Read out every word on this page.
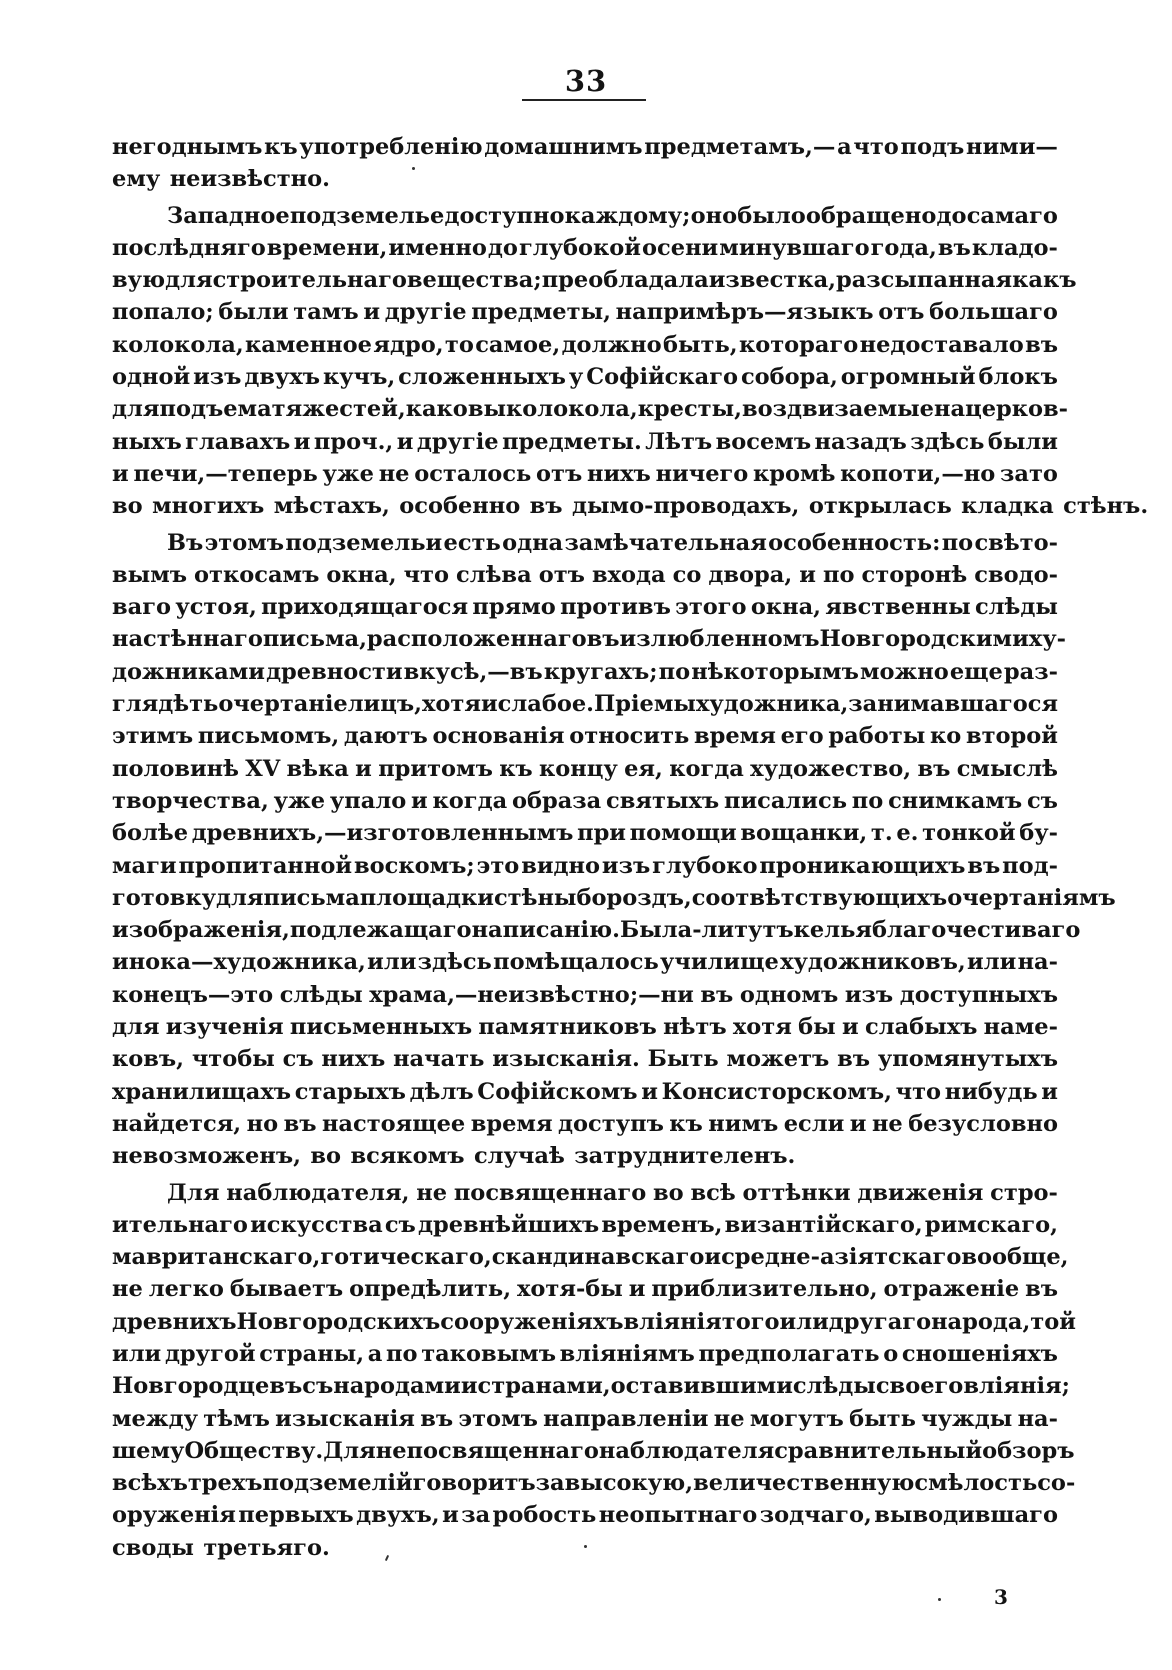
33
негоднымъ къ употребленію домашнимъ предметамъ,— а что подъ ними—
ему неизвѣстно.
Западное подземелье доступно каждому; оно было обращено до самаго
послѣдняго времени, именно до глубокой осени минувшаго года, въ кладо-
вую для строительнаго вещества; преобладала известка, разсыпанная какъ
попало; были тамъ и другіе предметы, напримѣръ—языкъ отъ большаго
колокола, каменное ядро, то самое, должно быть, котораго недоставало въ
одной изъ двухъ кучъ, сложенныхъ у Софійскаго собора, огромный блокъ
для подъема тяжестей, каковы колокола, кресты, воздвизаемые на церков-
ныхъ главахъ и проч., и другіе предметы. Лѣтъ восемъ назадъ здѣсь были
и печи,—теперь уже не осталось отъ нихъ ничего кромѣ копоти,—но зато
во многихъ мѣстахъ, особенно въ дымо-проводахъ, открылась кладка стѣнъ.
Въ этомъ подземельи есть одна замѣчательная особенность: по свѣто-
вымъ откосамъ окна, что слѣва отъ входа со двора, и по сторонѣ сводо-
ваго устоя, приходящагося прямо противъ этого окна, явственны слѣды
настѣннаго письма, расположеннаго въ излюбленномъ Новгородскими ху-
дожниками древности вкусѣ,—въ кругахъ; по нѣкоторымъ можно еще раз-
глядѣть очертаніе лицъ, хотя и слабое. Пріемы художника, занимавшагося
этимъ письмомъ, даютъ основанія относить время его работы ко второй
половинѣ XV вѣка и притомъ къ концу ея, когда художество, въ смыслѣ
творчества, уже упало и когда образа святыхъ писались по снимкамъ съ
болѣе древнихъ,—изготовленнымъ при помощи вощанки, т. е. тонкой бу-
маги пропитанной воскомъ; это видно изъ глубоко проникающихъ въ под-
готовку для письма площадки стѣны бороздъ, соотвѣтствующихъ очертаніямъ
изображенія, подлежащаго написанію. Была-ли тутъ келья благочестиваго
инока—художника, или здѣсь помѣщалось училище художниковъ, или на-
конецъ—это слѣды храма,—неизвѣстно;—ни въ одномъ изъ доступныхъ
для изученія письменныхъ памятниковъ нѣтъ хотя бы и слабыхъ наме-
ковъ, чтобы съ нихъ начать изысканія. Быть можетъ въ упомянутыхъ
хранилищахъ старыхъ дѣлъ Софійскомъ и Консисторскомъ, что нибудь и
найдется, но въ настоящее время доступъ къ нимъ если и не безусловно
невозможенъ, во всякомъ случаѣ затруднителенъ.
Для наблюдателя, не посвященнаго во всѣ оттѣнки движенія стро-
ительнаго искусства съ древнѣйшихъ временъ, византійскаго, римскаго,
мавританскаго, готическаго, скандинавскаго и средне-азіятскаго вообще,
не легко бываетъ опредѣлить, хотя-бы и приблизительно, отраженіе въ
древнихъ Новгородскихъ сооруженіяхъ вліянія того или другаго народа, той
или другой страны, а по таковымъ вліяніямъ предполагать о сношеніяхъ
Новгородцевъ съ народами и странами, оставившими слѣды своего вліянія;
между тѣмъ изысканія въ этомъ направленіи не могутъ быть чужды на-
шему Обществу. Для непосвященнаго наблюдателя сравнительный обзоръ
всѣхъ трехъ подземелій говоритъ за высокую, величественную смѣлость со-
оруженія первыхъ двухъ, и за робость неопытнаго зодчаго, выводившаго
своды третьяго.
3
